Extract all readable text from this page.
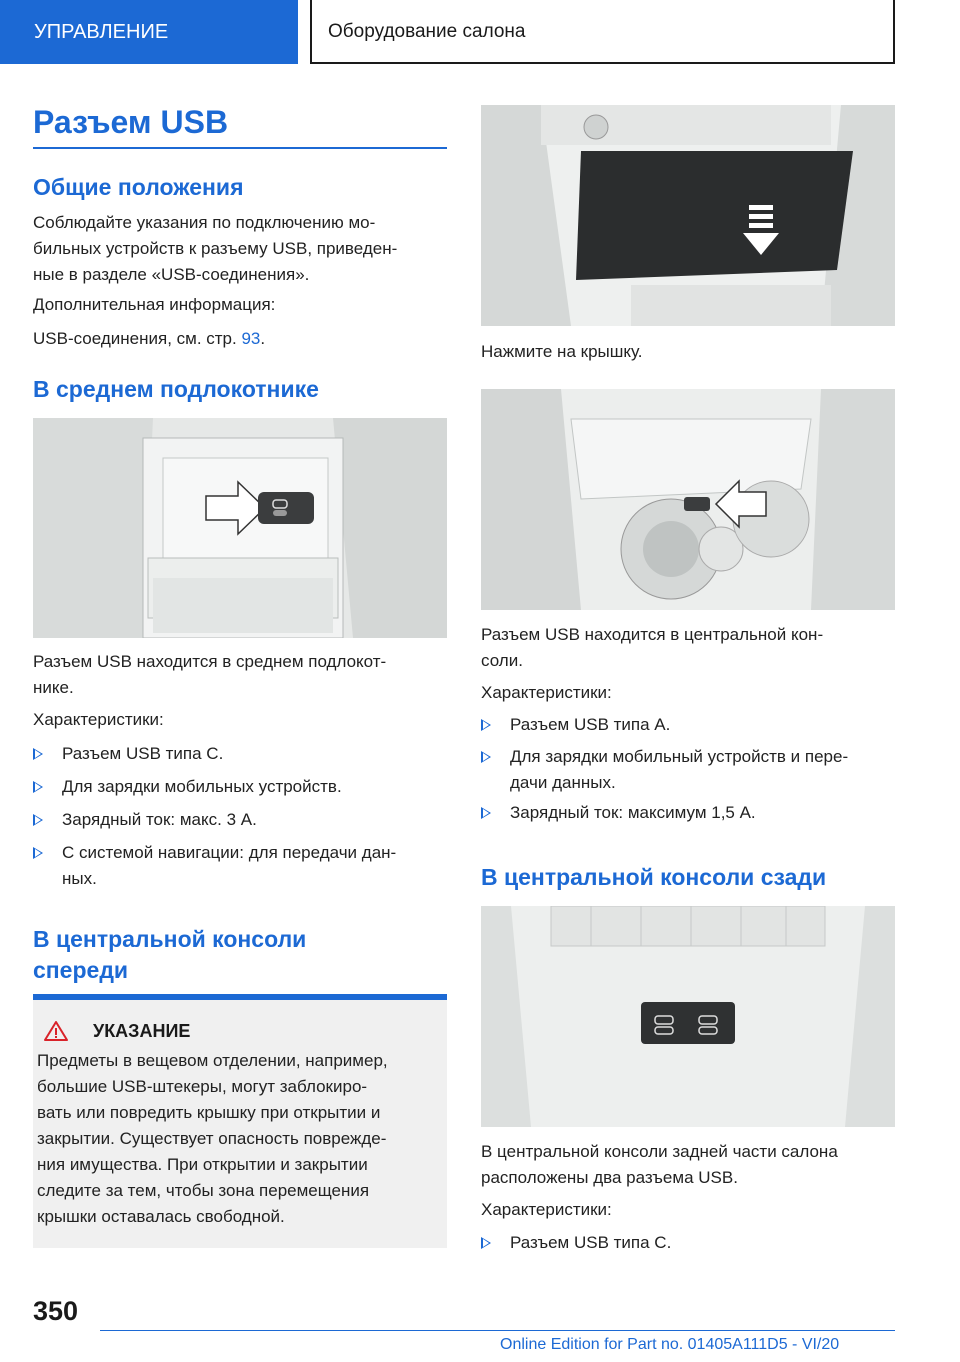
УПРАВЛЕНИЕ	Оборудование салона
Разъем USB
Общие положения
Соблюдайте указания по подключению мо-
бильных устройств к разъему USB, приведен-
ные в разделе «USB-соединения».
Дополнительная информация:
USB-соединения, см. стр. 93.
В среднем подлокотнике
Разъем USB находится в среднем подлокот-
нике.
Характеристики:
Разъем USB типа C.
Для зарядки мобильных устройств.
Зарядный ток: макс. 3 А.
С системой навигации: для передачи дан-
ных.
В центральной консоли
спереди
УКАЗАНИЕ
Предметы в вещевом отделении, например,
большие USB-штекеры, могут заблокиро-
вать или повредить крышку при открытии и
закрытии. Существует опасность поврежде-
ния имущества. При открытии и закрытии
следите за тем, чтобы зона перемещения
крышки оставалась свободной.
Нажмите на крышку.
Разъем USB находится в центральной кон-
соли.
Характеристики:
Разъем USB типа A.
Для зарядки мобильный устройств и пере-
дачи данных.
Зарядный ток: максимум 1,5 А.
В центральной консоли сзади
В центральной консоли задней части салона
расположены два разъема USB.
Характеристики:
Разъем USB типа C.
350
Online Edition for Part no. 01405A111D5 - VI/20
